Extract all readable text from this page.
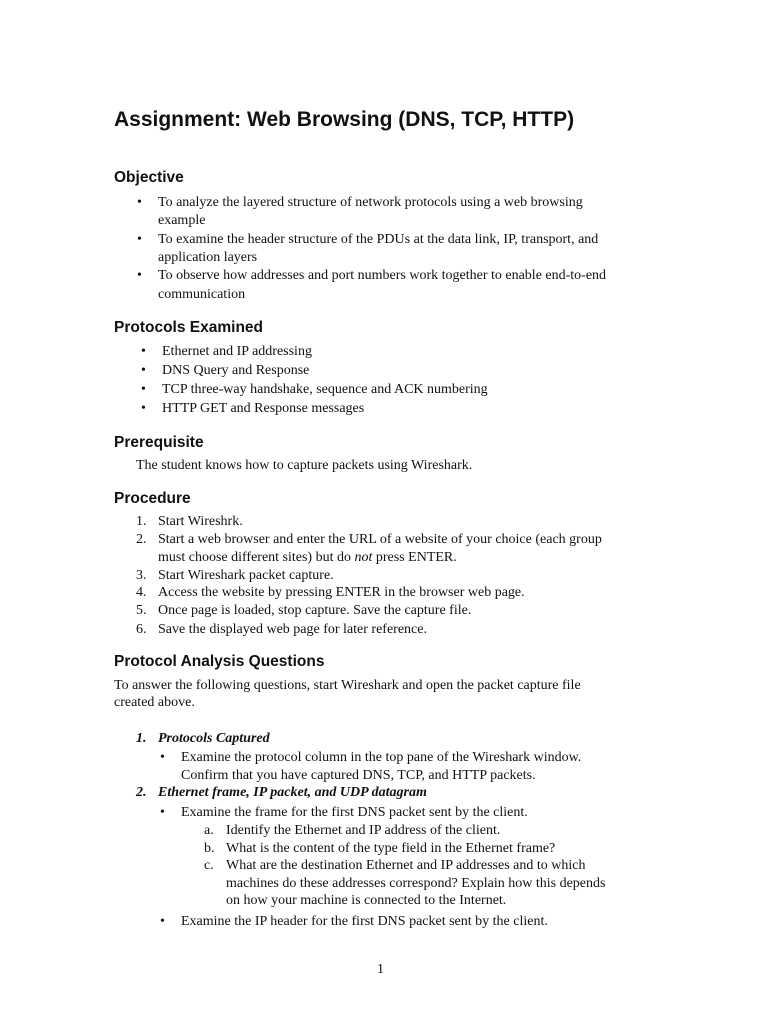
Assignment: Web Browsing (DNS, TCP, HTTP)
Objective
• To analyze the layered structure of network protocols using a web browsing
example
• To examine the header structure of the PDUs at the data link, IP, transport, and
application layers
• To observe how addresses and port numbers work together to enable end-to-end
communication
Protocols Examined
• Ethernet and IP addressing
• DNS Query and Response
• TCP three-way handshake, sequence and ACK numbering
• HTTP GET and Response messages
Prerequisite
The student knows how to capture packets using Wireshark.
Procedure
1. Start Wireshrk.
2. Start a web browser and enter the URL of a website of your choice (each group
must choose different sites) but do not press ENTER.
3. Start Wireshark packet capture.
4. Access the website by pressing ENTER in the browser web page.
5. Once page is loaded, stop capture. Save the capture file.
6. Save the displayed web page for later reference.
Protocol Analysis Questions
To answer the following questions, start Wireshark and open the packet capture file
created above.
1. Protocols Captured
• Examine the protocol column in the top pane of the Wireshark window.
Confirm that you have captured DNS, TCP, and HTTP packets.
2. Ethernet frame, IP packet, and UDP datagram
• Examine the frame for the first DNS packet sent by the client.
a. Identify the Ethernet and IP address of the client.
b. What is the content of the type field in the Ethernet frame?
c. What are the destination Ethernet and IP addresses and to which
machines do these addresses correspond? Explain how this depends
on how your machine is connected to the Internet.
• Examine the IP header for the first DNS packet sent by the client.
1
